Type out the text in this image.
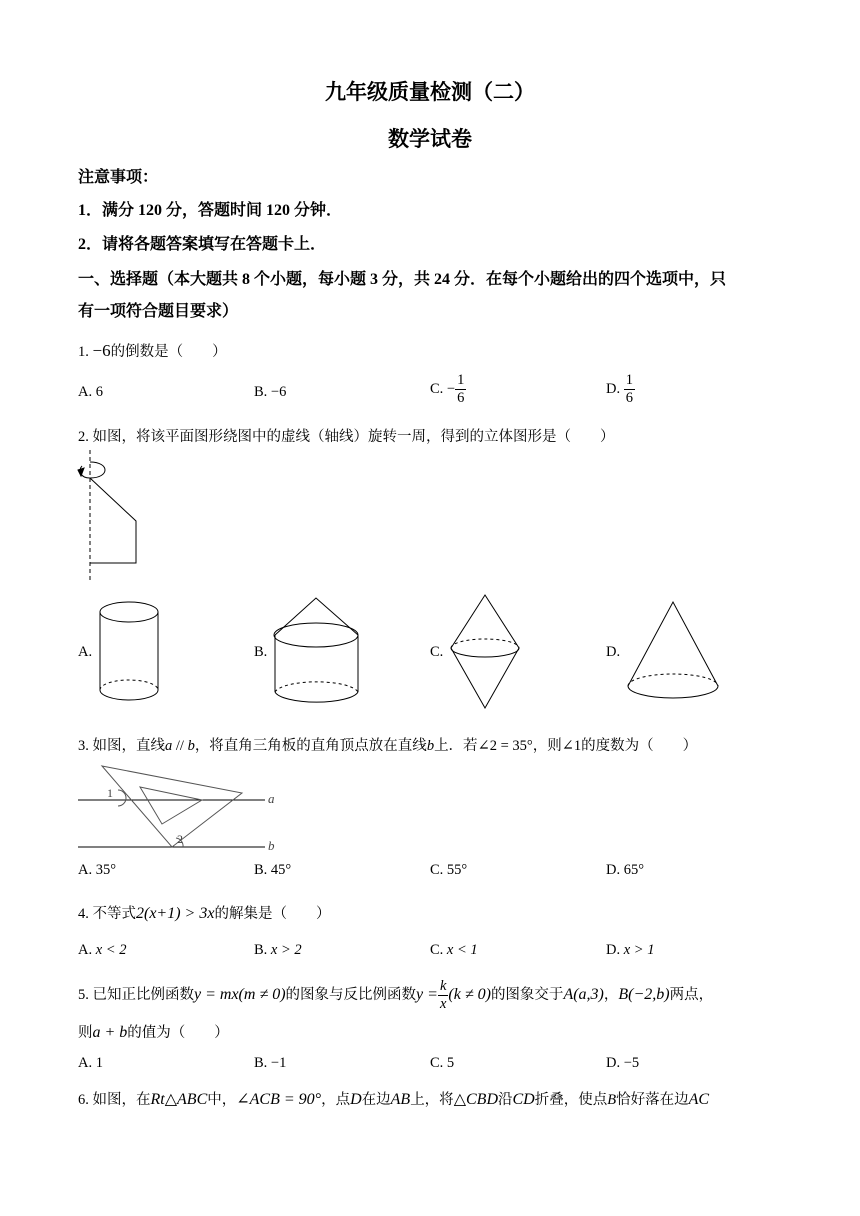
九年级质量检测（二）
数学试卷
注意事项：
1．满分 120 分，答题时间 120 分钟．
2．请将各题答案填写在答题卡上．
一、选择题（本大题共 8 个小题，每小题 3 分，共 24 分．在每个小题给出的四个选项中，只
有一项符合题目要求）
1. −6的倒数是（　　）
A. 6	B. −6	C. − $\frac{1}{6}$	D. $\frac{1}{6}$
2. 如图，将该平面图形绕图中的虚线（轴线）旋转一周，得到的立体图形是（　　）
A.	B.	C.	D.
3. 如图，直线a // b，将直角三角板的直角顶点放在直线b上．若∠2 = 35°，则∠1的度数为（　　）
1
2
a
b
A. 35°	B. 45°	C. 55°	D. 65°
4. 不等式2(x+1) > 3x的解集是（　　）
A. x < 2	B. x > 2	C. x < 1	D. x > 1
5. 已知正比例函数y = mx(m ≠ 0)的图象与反比例函数$y = \frac{k}{x} (k \ne 0)$的图象交于A(a,3)，B(−2,b)两点，
则a + b的值为（　　）
A. 1	B. −1	C. 5	D. −5
6. 如图，在Rt△ABC中，∠ACB = 90°，点D在边AB上，将△CBD沿CD折叠，使点B恰好落在边AC
